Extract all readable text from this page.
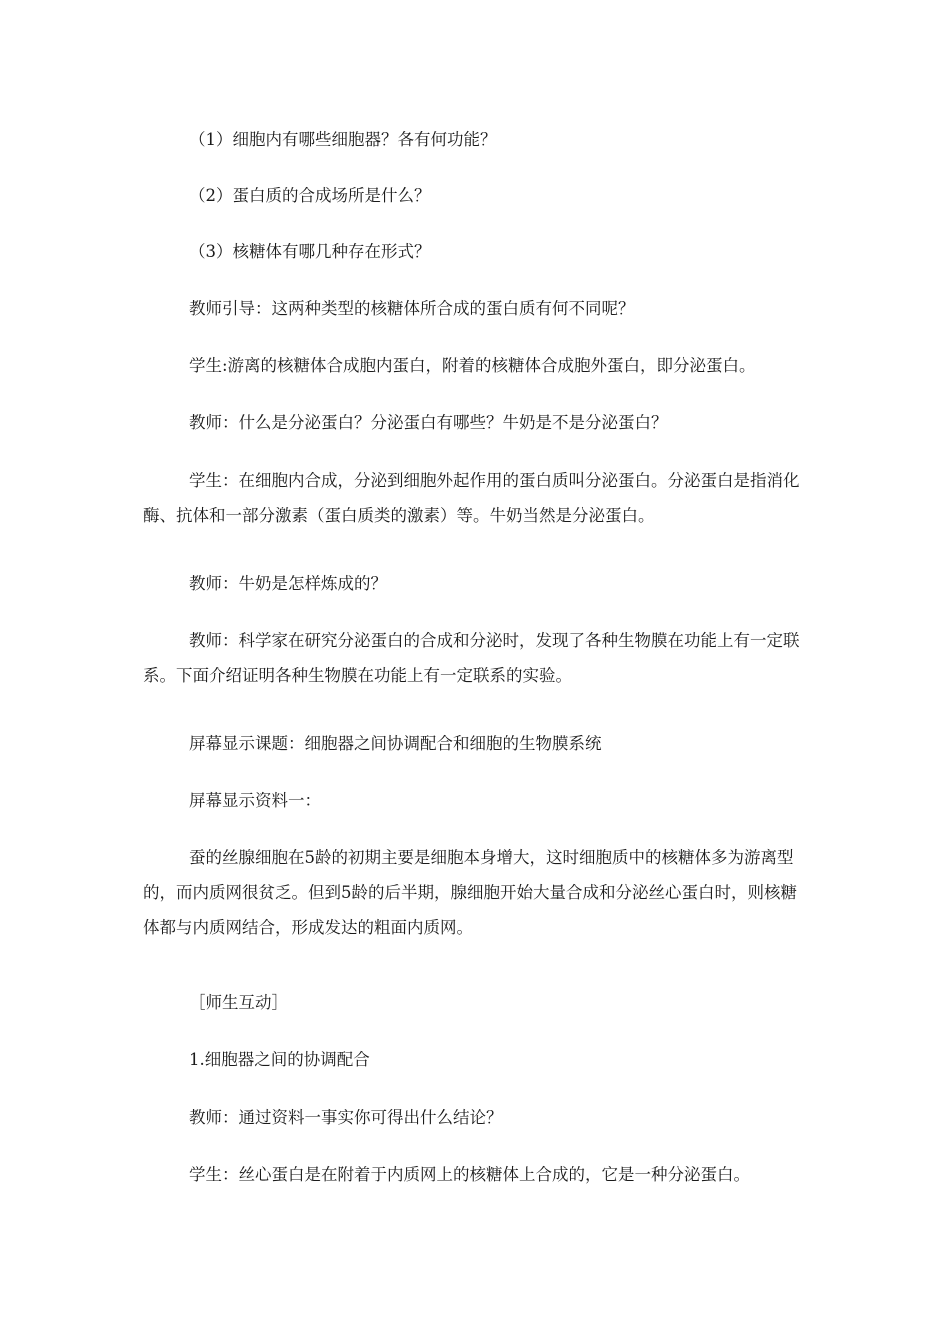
（1）细胞内有哪些细胞器？各有何功能？

（2）蛋白质的合成场所是什么？

（3）核糖体有哪几种存在形式？

教师引导：这两种类型的核糖体所合成的蛋白质有何不同呢？

学生:游离的核糖体合成胞内蛋白，附着的核糖体合成胞外蛋白，即分泌蛋白。

教师：什么是分泌蛋白？分泌蛋白有哪些？牛奶是不是分泌蛋白？

学生：在细胞内合成，分泌到细胞外起作用的蛋白质叫分泌蛋白。分泌蛋白是指消化酶、抗体和一部分激素（蛋白质类的激素）等。牛奶当然是分泌蛋白。

教师：牛奶是怎样炼成的？

教师：科学家在研究分泌蛋白的合成和分泌时，发现了各种生物膜在功能上有一定联系。下面介绍证明各种生物膜在功能上有一定联系的实验。

屏幕显示课题：细胞器之间协调配合和细胞的生物膜系统

屏幕显示资料一：

蚕的丝腺细胞在5龄的初期主要是细胞本身增大，这时细胞质中的核糖体多为游离型的，而内质网很贫乏。但到5龄的后半期，腺细胞开始大量合成和分泌丝心蛋白时，则核糖体都与内质网结合，形成发达的粗面内质网。

［师生互动］

1.细胞器之间的协调配合

教师：通过资料一事实你可得出什么结论？

学生：丝心蛋白是在附着于内质网上的核糖体上合成的，它是一种分泌蛋白。
